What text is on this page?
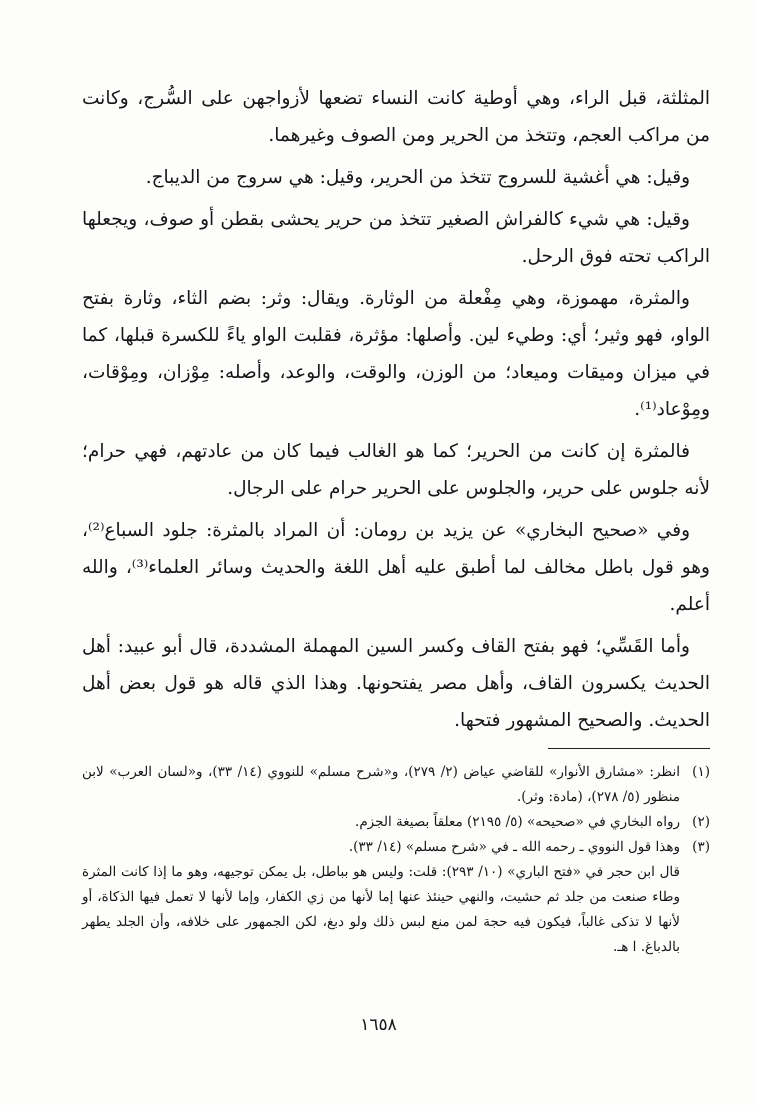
المثلثة، قبل الراء، وهي أوطية كانت النساء تضعها لأزواجهن على السُّرج، وكانت من مراكب العجم، وتتخذ من الحرير ومن الصوف وغيرهما.

وقيل: هي أغشية للسروج تتخذ من الحرير، وقيل: هي سروج من الديباج.

وقيل: هي شيء كالفراش الصغير تتخذ من حرير يحشى بقطن أو صوف، ويجعلها الراكب تحته فوق الرحل.

والمثرة، مهموزة، وهي مِفْعلة من الوثارة. ويقال: وثر: بضم الثاء، وثارة بفتح الواو، فهو وثير؛ أي: وطيء لين. وأصلها: مؤثرة، فقلبت الواو ياءً للكسرة قبلها، كما في ميزان وميقات وميعاد؛ من الوزن، والوقت، والوعد، وأصله: مِوْزان، ومِوْقات، ومِوْعاد⁽¹⁾.

فالمثرة إن كانت من الحرير؛ كما هو الغالب فيما كان من عادتهم، فهي حرام؛ لأنه جلوس على حرير، والجلوس على الحرير حرام على الرجال.

وفي «صحيح البخاري» عن يزيد بن رومان: أن المراد بالمثرة: جلود السباع⁽²⁾، وهو قول باطل مخالف لما أطبق عليه أهل اللغة والحديث وسائر العلماء⁽³⁾، والله أعلم.

وأما القَسِّي؛ فهو بفتح القاف وكسر السين المهملة المشددة، قال أبو عبيد: أهل الحديث يكسرون القاف، وأهل مصر يفتحونها. وهذا الذي قاله هو قول بعض أهل الحديث. والصحيح المشهور فتحها.

(١)
انظر: «مشارق الأنوار» للقاضي عياض (٢/ ٢٧٩)، و«شرح مسلم» للنووي (١٤/ ٣٣)، و«لسان العرب» لابن منظور (٥/ ٢٧٨)، (مادة: وثر).
(٢)
رواه البخاري في «صحيحه» (٥/ ٢١٩٥) معلقاً بصيغة الجزم.
(٣)
وهذا قول النووي ـ رحمه الله ـ في «شرح مسلم» (١٤/ ٣٣).
قال ابن حجر في «فتح الباري» (١٠/ ٢٩٣): قلت: وليس هو بباطل، بل يمكن توجيهه، وهو ما إذا كانت المثرة وطاء صنعت من جلد ثم حشيت، والنهي حينئذ عنها إما لأنها من زي الكفار، وإما لأنها لا تعمل فيها الذكاة، أو لأنها لا تذكى غالباً، فيكون فيه حجة لمن منع لبس ذلك ولو دبغ، لكن الجمهور على خلافه، وأن الجلد يطهر بالدباغ. ا هـ.
١٦٥٨
